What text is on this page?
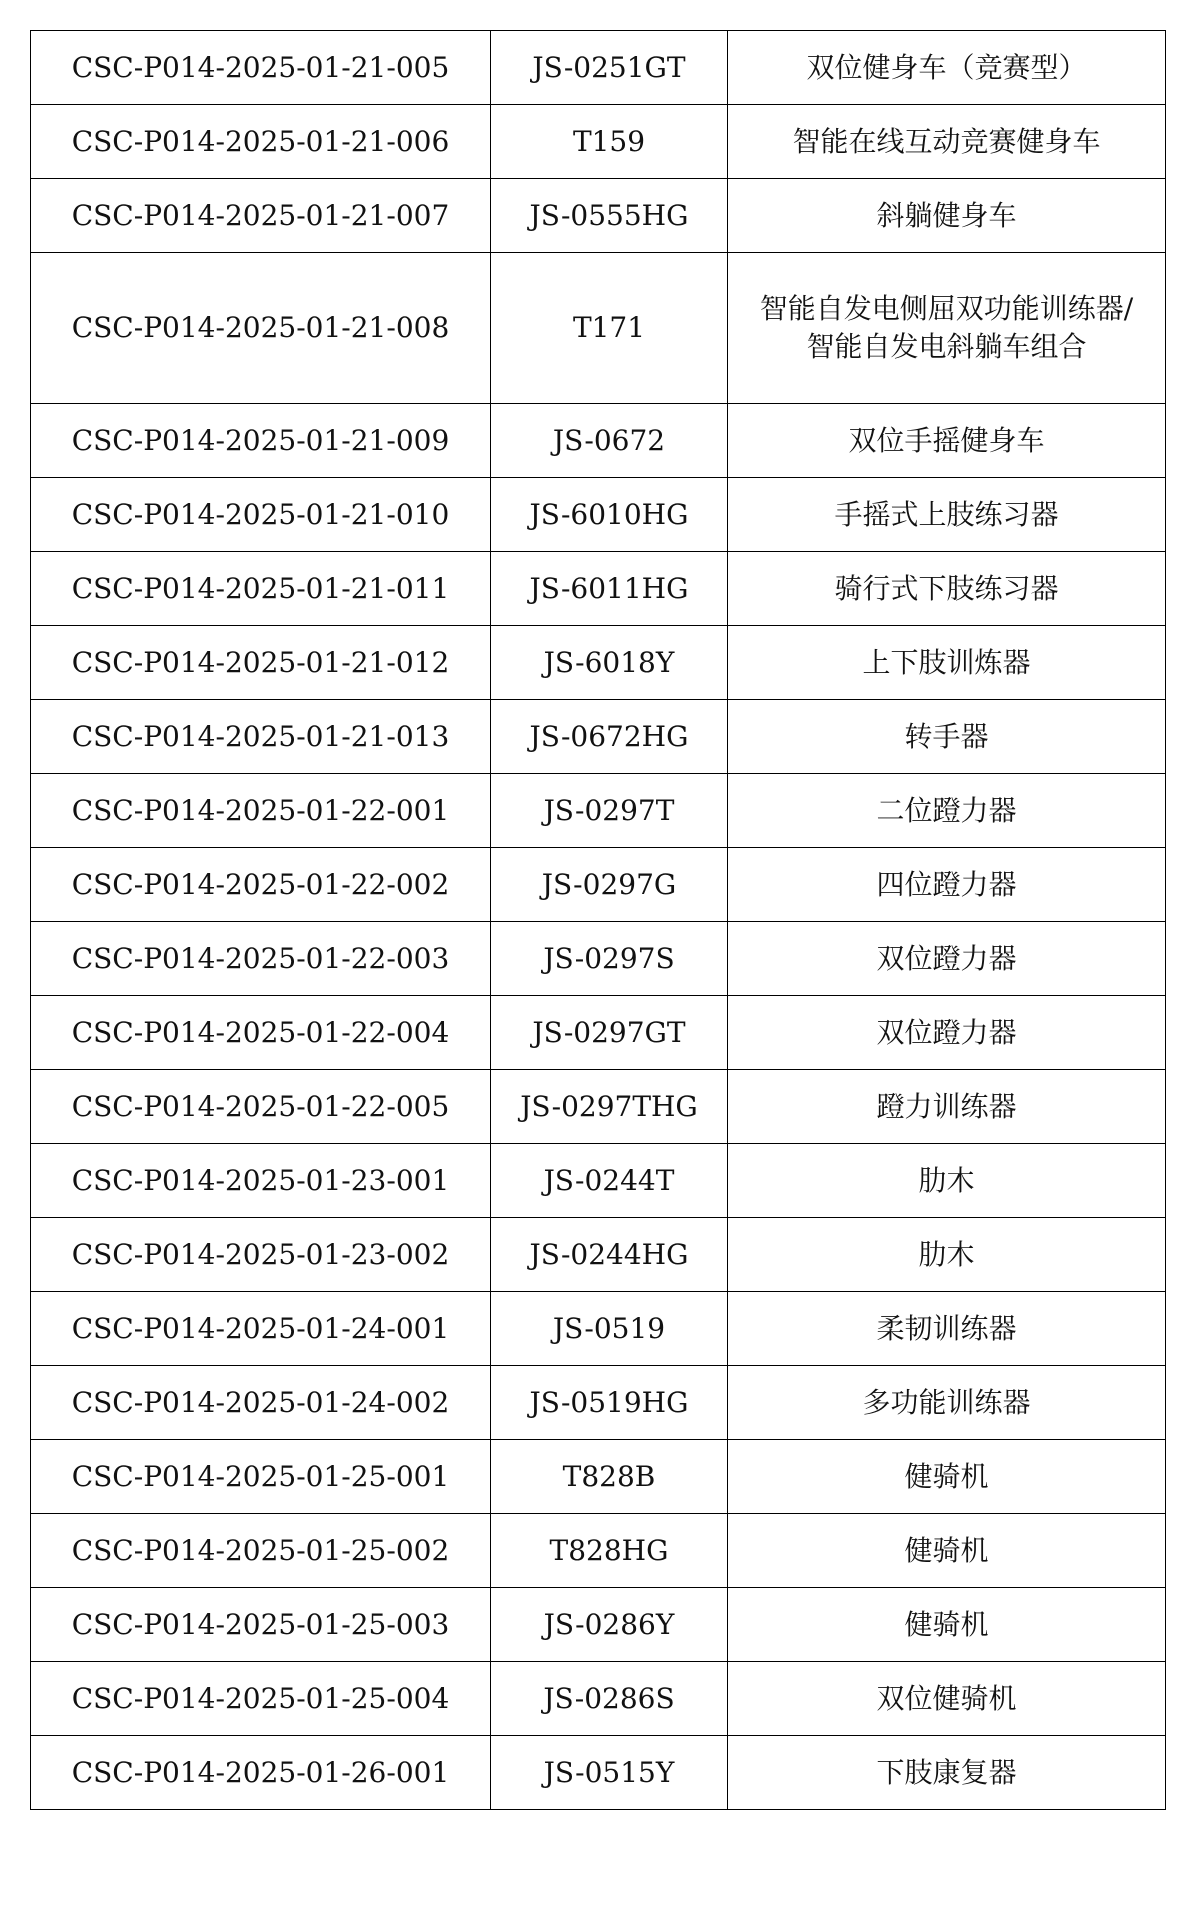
CSC-P014-2025-01-21-005	JS-0251GT	双位健身车（竞赛型）
CSC-P014-2025-01-21-006	T159	智能在线互动竞赛健身车
CSC-P014-2025-01-21-007	JS-0555HG	斜躺健身车
CSC-P014-2025-01-21-008	T171	智能自发电侧屈双功能训练器/智能自发电斜躺车组合
CSC-P014-2025-01-21-009	JS-0672	双位手摇健身车
CSC-P014-2025-01-21-010	JS-6010HG	手摇式上肢练习器
CSC-P014-2025-01-21-011	JS-6011HG	骑行式下肢练习器
CSC-P014-2025-01-21-012	JS-6018Y	上下肢训炼器
CSC-P014-2025-01-21-013	JS-0672HG	转手器
CSC-P014-2025-01-22-001	JS-0297T	二位蹬力器
CSC-P014-2025-01-22-002	JS-0297G	四位蹬力器
CSC-P014-2025-01-22-003	JS-0297S	双位蹬力器
CSC-P014-2025-01-22-004	JS-0297GT	双位蹬力器
CSC-P014-2025-01-22-005	JS-0297THG	蹬力训练器
CSC-P014-2025-01-23-001	JS-0244T	肋木
CSC-P014-2025-01-23-002	JS-0244HG	肋木
CSC-P014-2025-01-24-001	JS-0519	柔韧训练器
CSC-P014-2025-01-24-002	JS-0519HG	多功能训练器
CSC-P014-2025-01-25-001	T828B	健骑机
CSC-P014-2025-01-25-002	T828HG	健骑机
CSC-P014-2025-01-25-003	JS-0286Y	健骑机
CSC-P014-2025-01-25-004	JS-0286S	双位健骑机
CSC-P014-2025-01-26-001	JS-0515Y	下肢康复器
